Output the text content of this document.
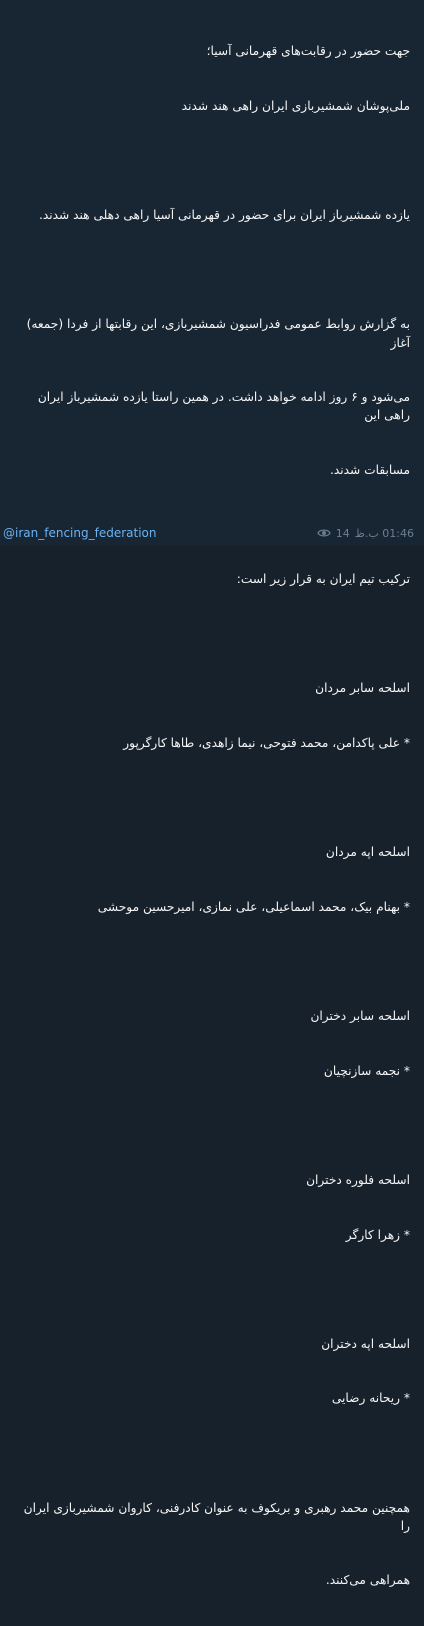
جهت حضور در رقابت‌های قهرمانی آسیا؛

ملی‌پوشان شمشیربازی ایران راهی هند شدند

یازده شمشیرباز ایران برای حضور در قهرمانی آسیا راهی دهلی هند شدند.

به گزارش روابط عمومی فدراسیون شمشیربازی، این رقابتها از فردا (جمعه) آغاز

می‌شود و ۶ روز ادامه خواهد داشت. در همین راستا یازده شمشیرباز ایران راهی این

مسابقات شدند.

ترکیب تیم ایران به قرار زیر است:

اسلحه سابر مردان

* علی پاکدامن، محمد فتوحی، نیما زاهدی، طاها کارگرپور

اسلحه اپه مردان

* بهنام بیک، محمد اسماعیلی، علی نمازی، امیرحسین موحشی

اسلحه سابر دختران

* نجمه سازنچیان

اسلحه فلوره دختران

* زهرا کارگر

اسلحه اپه دختران

* ریحانه رضایی

همچنین محمد رهبری و بریکوف به عنوان کادرفنی، کاروان شمشیربازی ایران را

همراهی می‌کنند.

@iran_fencing_federation	14 01:46 ب.ظ
